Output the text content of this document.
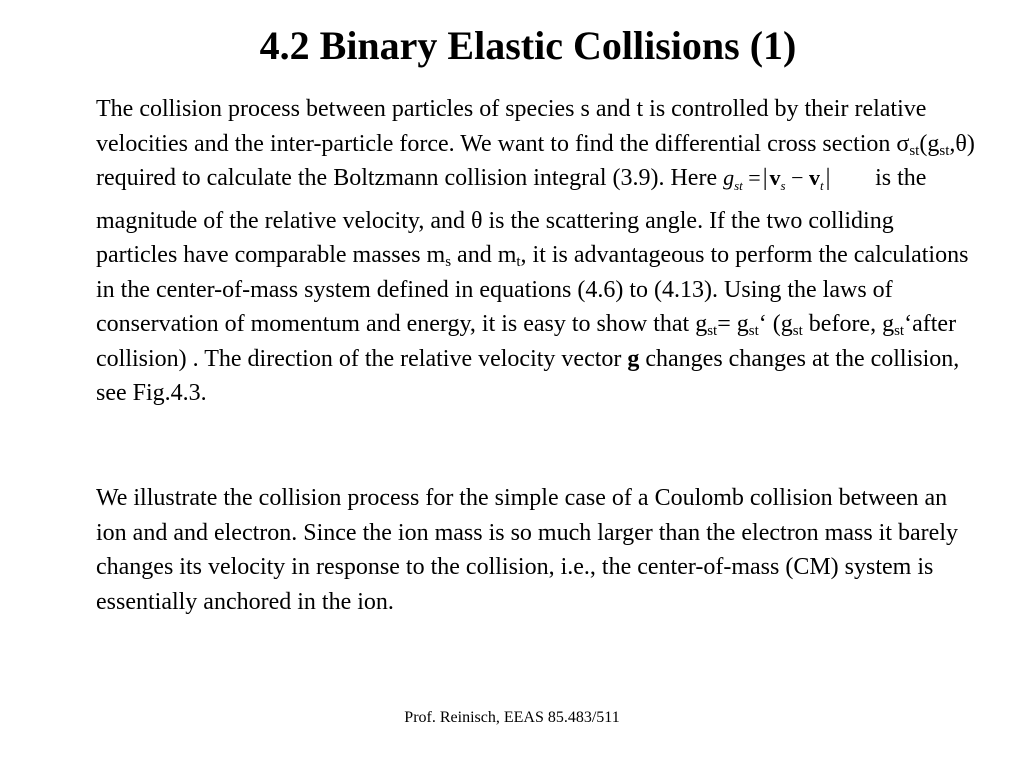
4.2 Binary Elastic Collisions (1)

The collision process between particles of species s and t is controlled by their relative velocities and the inter-particle force. We want to find the differential cross section $\sigma_{st}(g_{st},\theta)$ required to calculate the Boltzmann collision integral (3.9). Here $g_{st} =|v_s - v_t|$ is the magnitude of the relative velocity, and θ is the scattering angle. If the two colliding particles have comparable masses $m_s$ and $m_t$, it is advantageous to perform the calculations in the center-of-mass system defined in equations (4.6) to (4.13). Using the laws of conservation of momentum and energy, it is easy to show that $g_{st}=$ $g_{st}‘$ ($g_{st}$ before, $g_{st}‘after$ collision) . The direction of the relative velocity vector g changes changes at the collision, see Fig.4.3.

We illustrate the collision process for the simple case of a Coulomb collision between an ion and and electron. Since the ion mass is so much larger than the electron mass it barely changes its velocity in response to the collision, i.e., the center-of-mass (CM) system is essentially anchored in the ion.

Prof. Reinisch, EEAS 85.483/511
